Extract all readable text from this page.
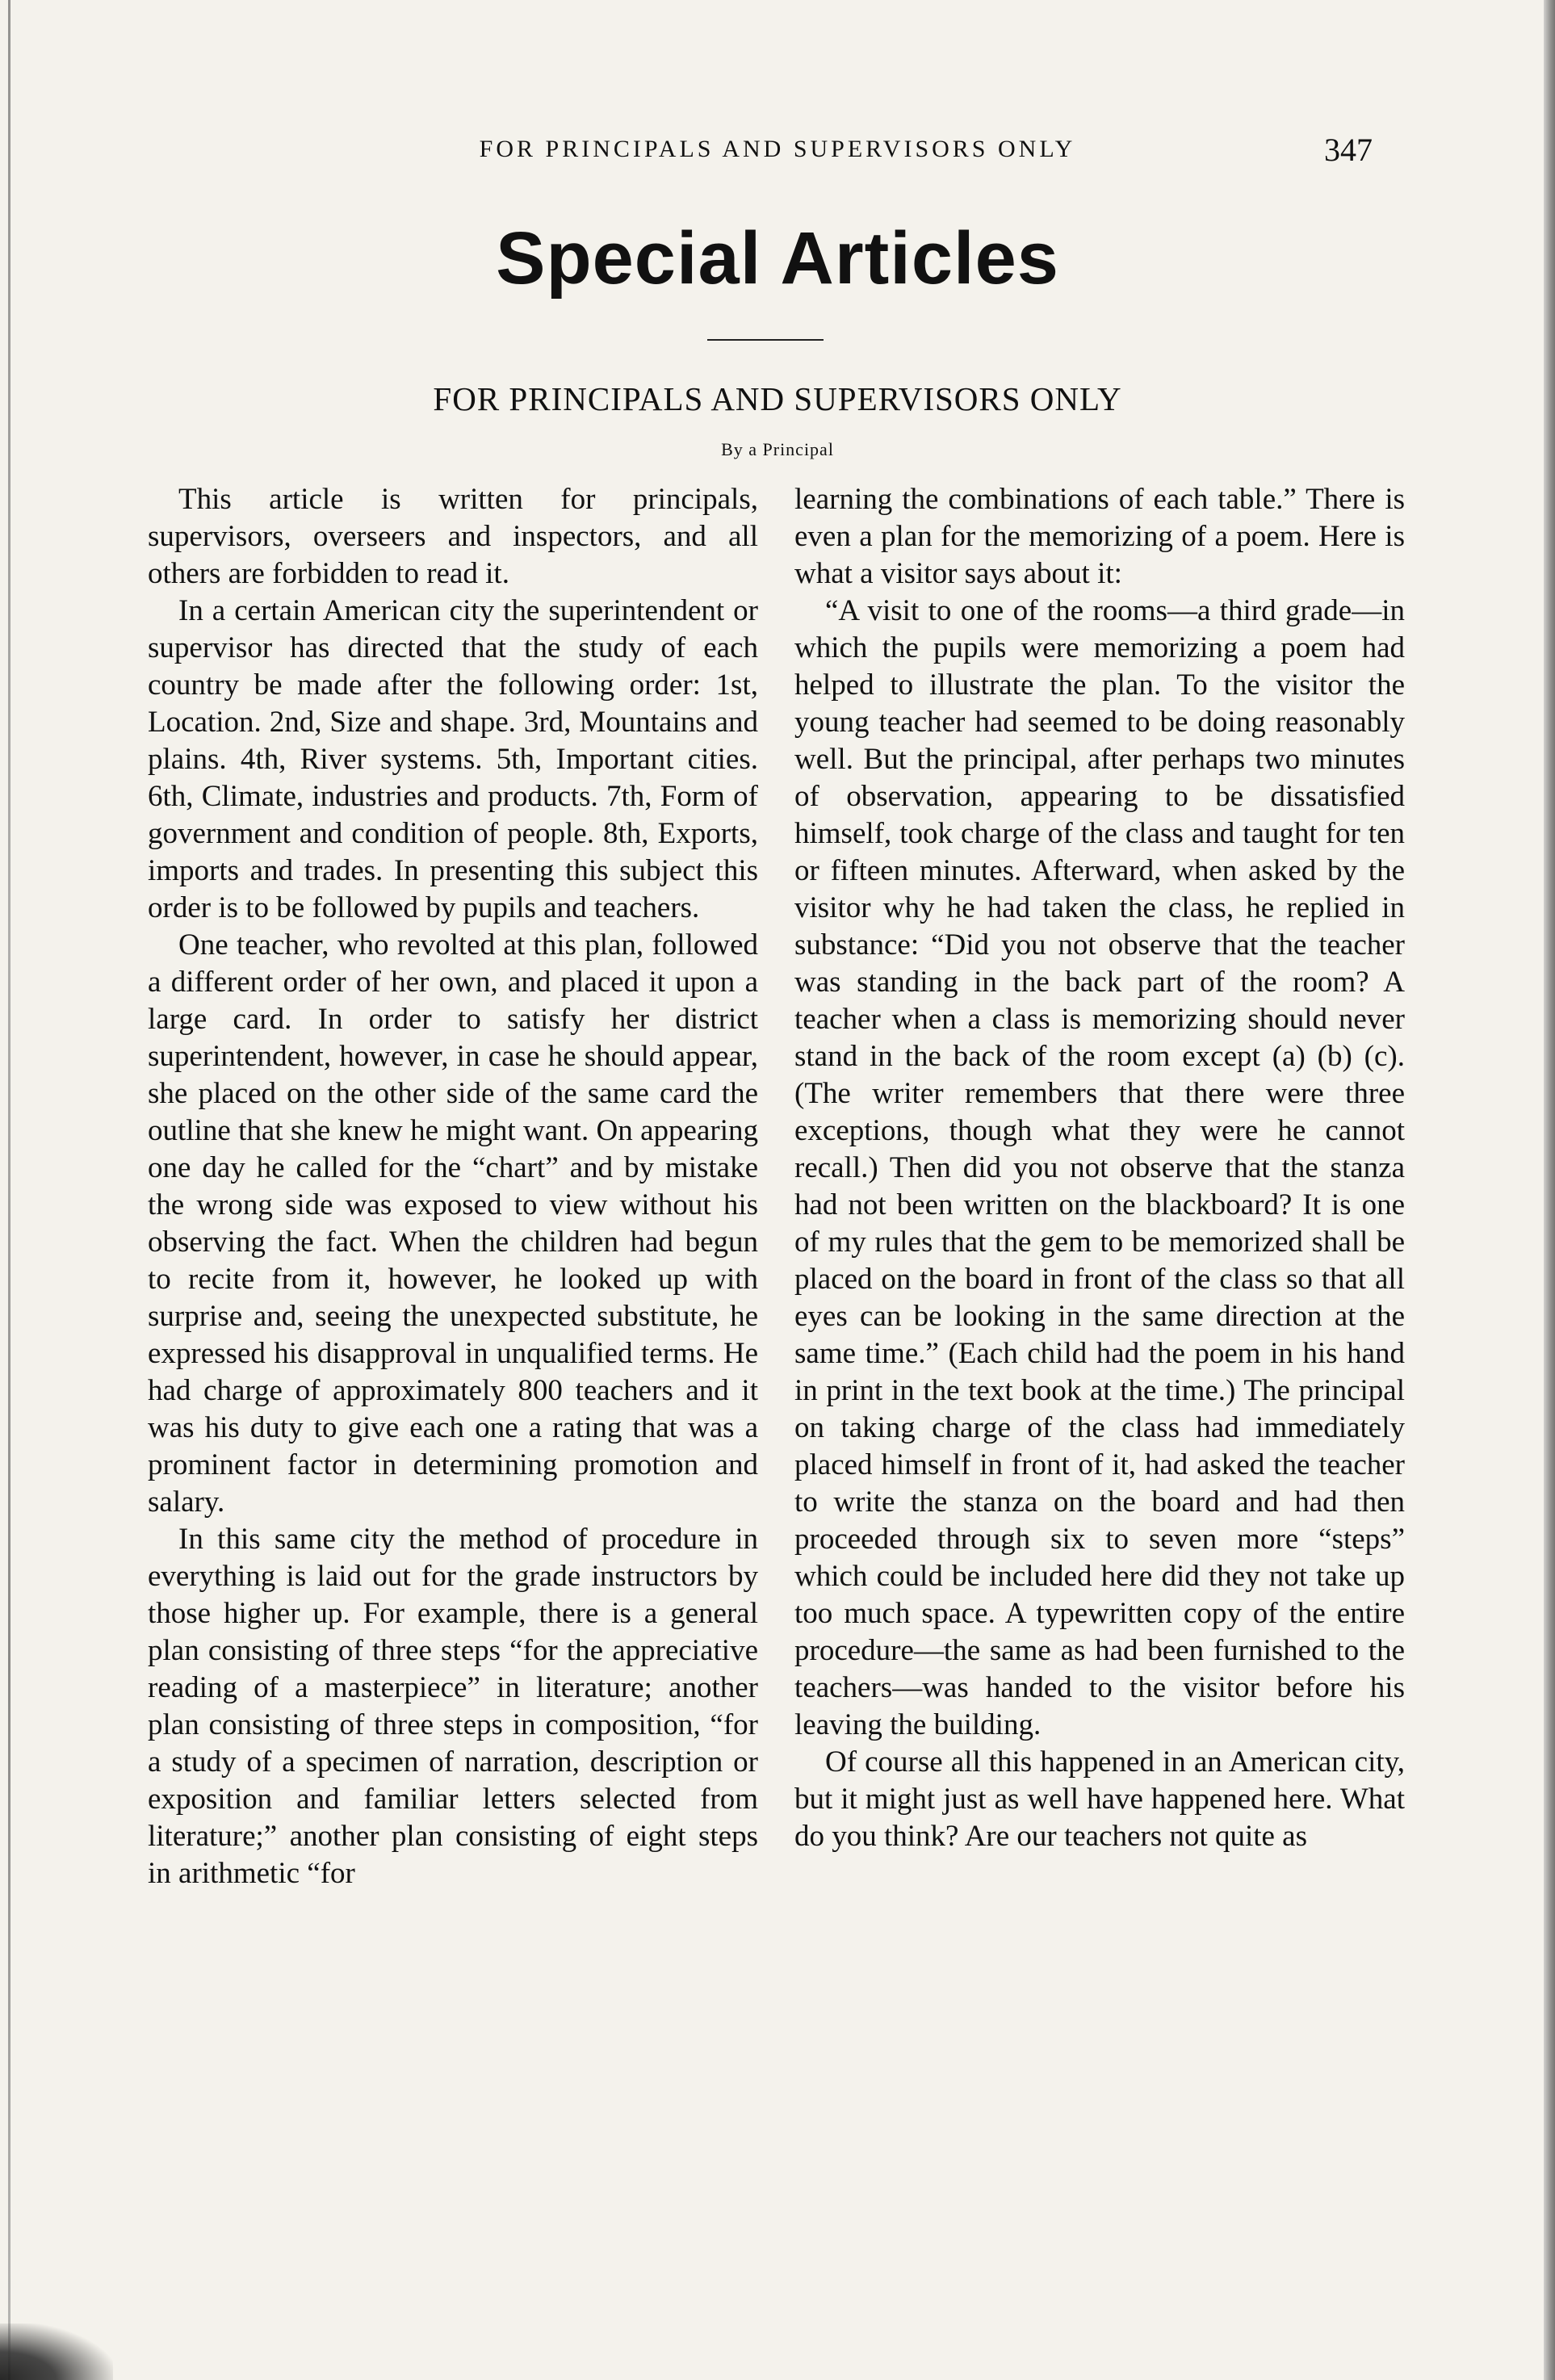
FOR PRINCIPALS AND SUPERVISORS ONLY	347
Special Articles
FOR PRINCIPALS AND SUPERVISORS ONLY
By a Principal

This article is written for principals, supervisors, overseers and inspectors, and all others are forbidden to read it.

In a certain American city the superintendent or supervisor has directed that the study of each country be made after the following order: 1st, Location. 2nd, Size and shape. 3rd, Mountains and plains. 4th, River systems. 5th, Important cities. 6th, Climate, industries and products. 7th, Form of government and condition of people. 8th, Exports, imports and trades. In presenting this subject this order is to be followed by pupils and teachers.

One teacher, who revolted at this plan, followed a different order of her own, and placed it upon a large card. In order to satisfy her district superintendent, however, in case he should appear, she placed on the other side of the same card the outline that she knew he might want. On appearing one day he called for the “chart” and by mistake the wrong side was exposed to view without his observing the fact. When the children had begun to recite from it, however, he looked up with surprise and, seeing the unexpected substitute, he expressed his disapproval in unqualified terms. He had charge of approximately 800 teachers and it was his duty to give each one a rating that was a prominent factor in determining promotion and salary.

In this same city the method of procedure in everything is laid out for the grade instructors by those higher up. For example, there is a general plan consisting of three steps “for the appreciative reading of a masterpiece” in literature; another plan consisting of three steps in composition, “for a study of a specimen of narration, description or exposition and familiar letters selected from literature;” another plan consisting of eight steps in arithmetic “for

learning the combinations of each table.” There is even a plan for the memorizing of a poem. Here is what a visitor says about it:

“A visit to one of the rooms—a third grade—in which the pupils were memorizing a poem had helped to illustrate the plan. To the visitor the young teacher had seemed to be doing reasonably well. But the principal, after perhaps two minutes of observation, appearing to be dissatisfied himself, took charge of the class and taught for ten or fifteen minutes. Afterward, when asked by the visitor why he had taken the class, he replied in substance: “Did you not observe that the teacher was standing in the back part of the room? A teacher when a class is memorizing should never stand in the back of the room except (a) (b) (c). (The writer remembers that there were three exceptions, though what they were he cannot recall.) Then did you not observe that the stanza had not been written on the blackboard? It is one of my rules that the gem to be memorized shall be placed on the board in front of the class so that all eyes can be looking in the same direction at the same time.” (Each child had the poem in his hand in print in the text book at the time.) The principal on taking charge of the class had immediately placed himself in front of it, had asked the teacher to write the stanza on the board and had then proceeded through six to seven more “steps” which could be included here did they not take up too much space. A typewritten copy of the entire procedure—the same as had been furnished to the teachers—was handed to the visitor before his leaving the building.

Of course all this happened in an American city, but it might just as well have happened here. What do you think? Are our teachers not quite as
